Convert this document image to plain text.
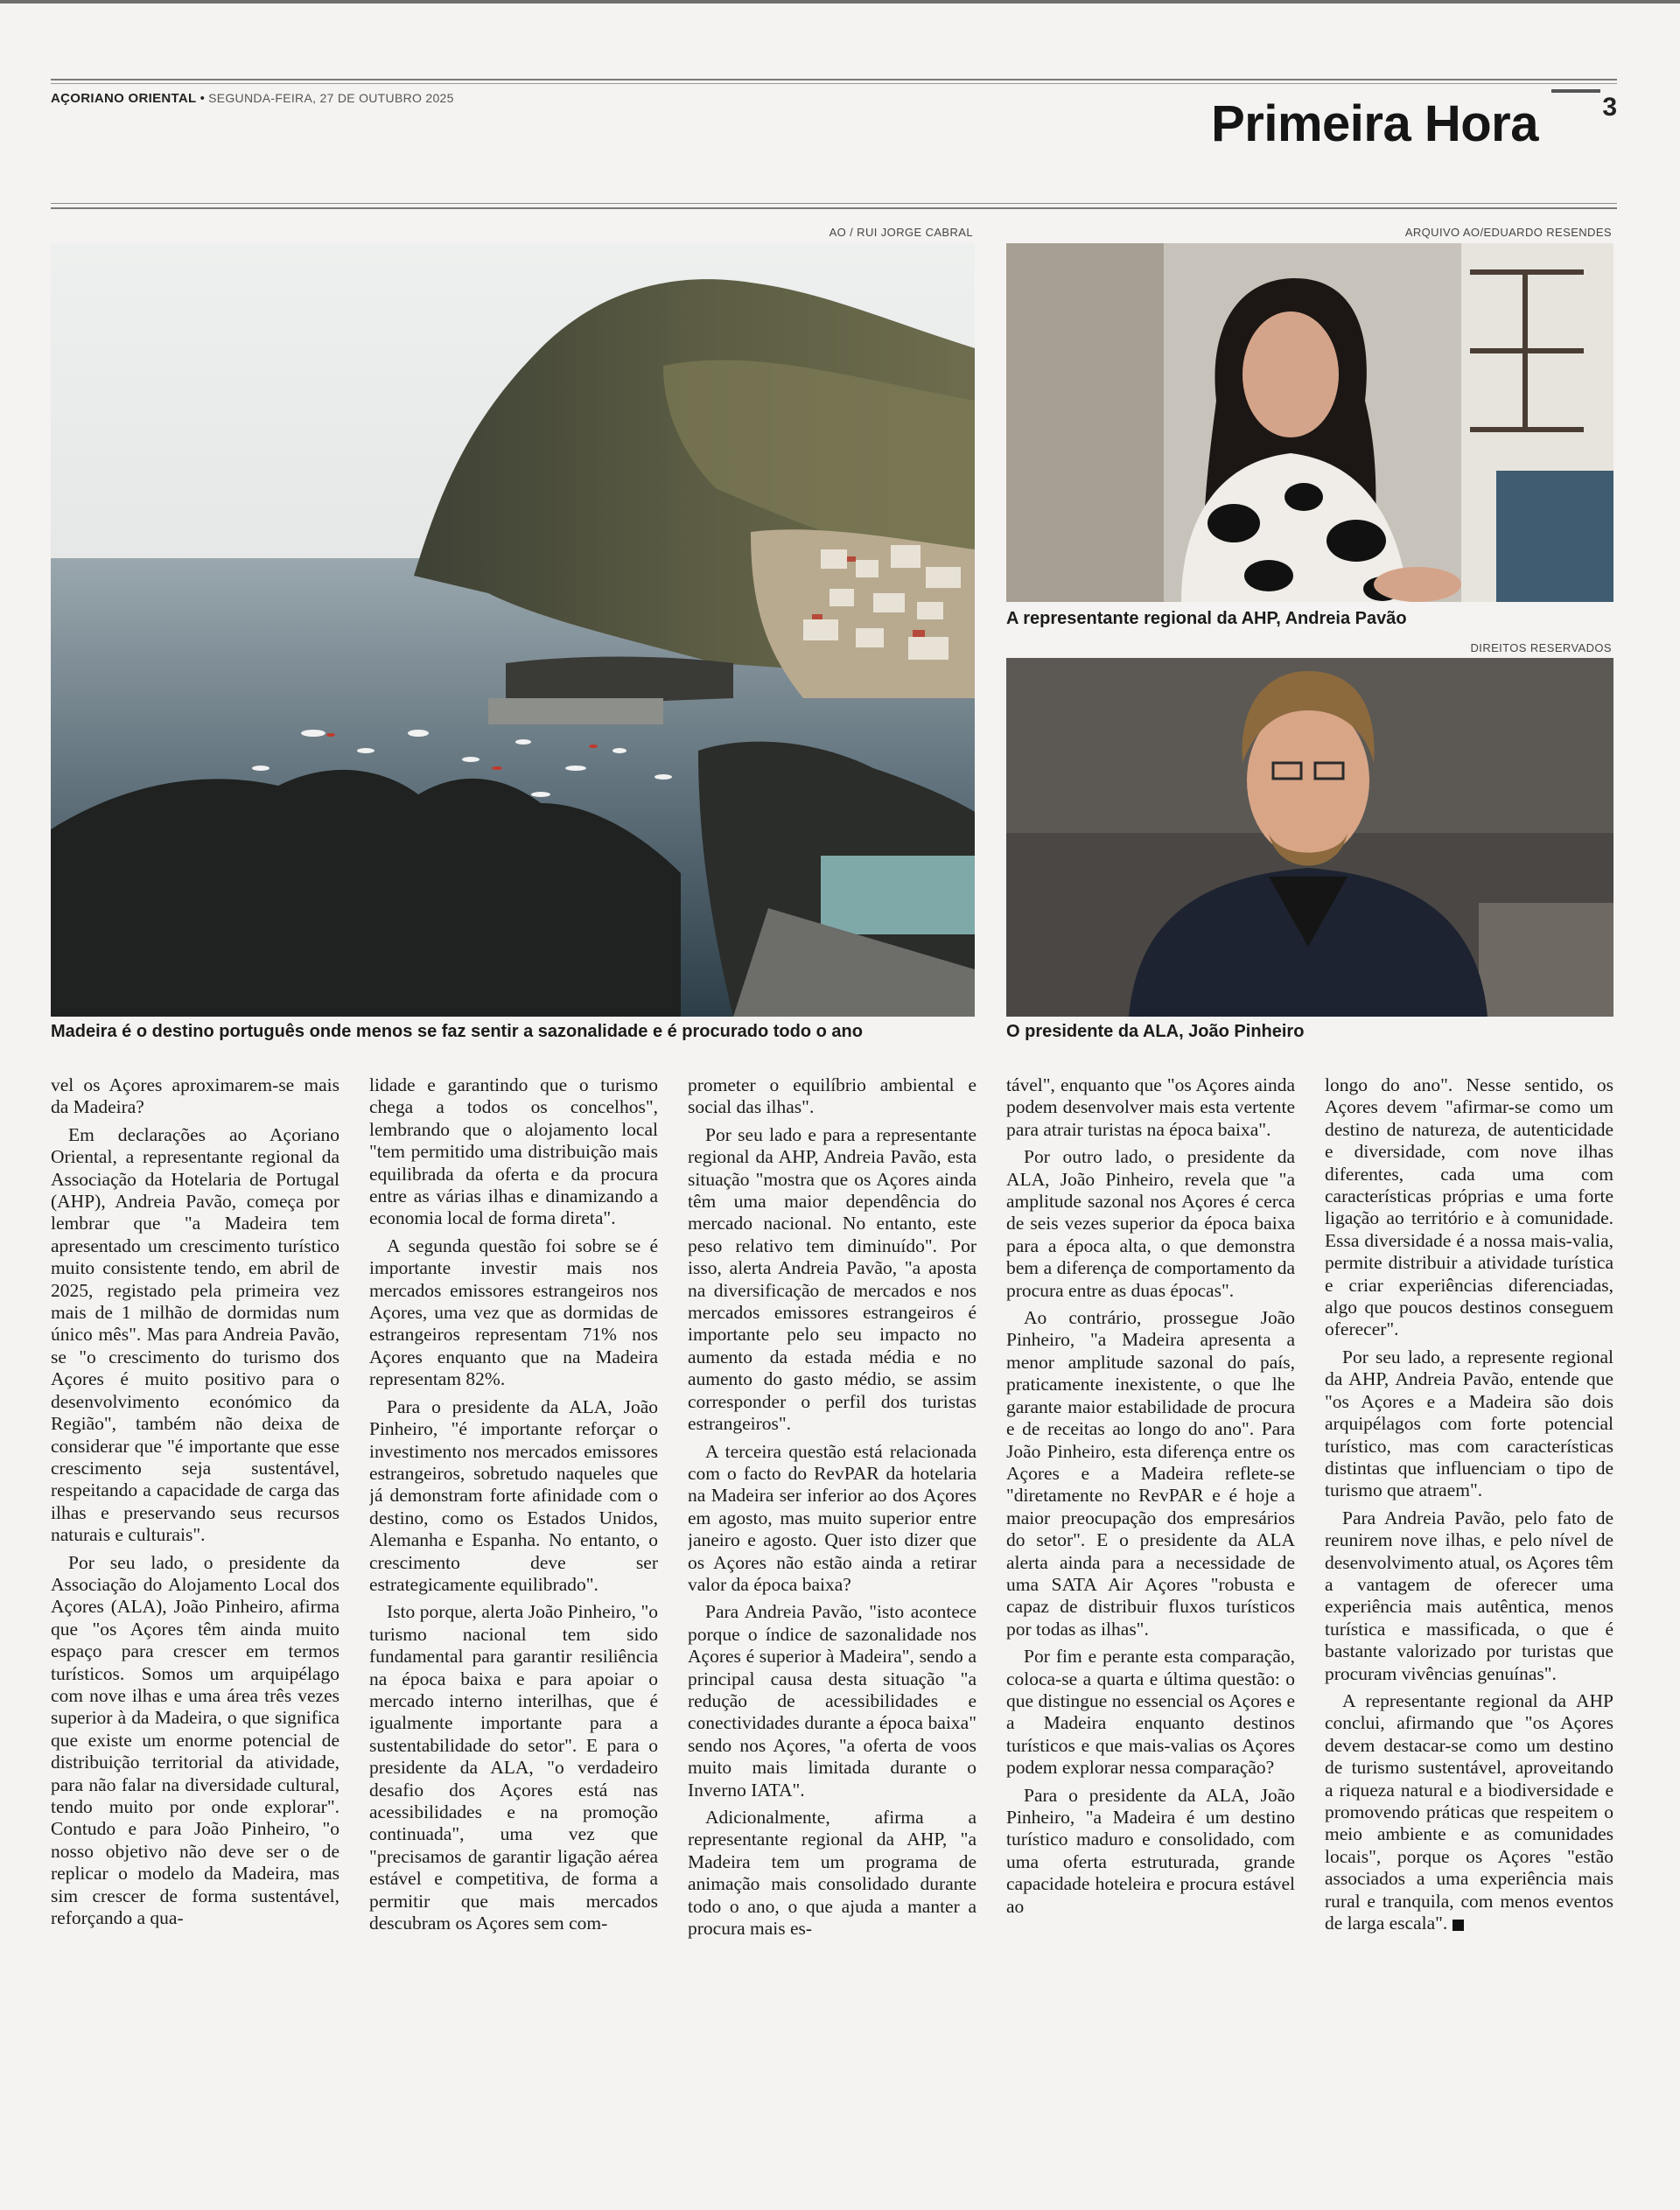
AÇORIANO ORIENTAL • SEGUNDA-FEIRA, 27 DE OUTUBRO 2025	Primeira Hora	3
AO / RUI JORGE CABRAL	ARQUIVO AO/EDUARDO RESENDES
A representante regional da AHP, Andreia Pavão
DIREITOS RESERVADOS
Madeira é o destino português onde menos se faz sentir a sazonalidade e é procurado todo o ano	O presidente da ALA, João Pinheiro

vel os Açores aproximarem-se mais da Madeira?

Em declarações ao Açoriano Oriental, a representante regional da Associação da Hotelaria de Portugal (AHP), Andreia Pavão, começa por lembrar que "a Madeira tem apresentado um crescimento turístico muito consistente tendo, em abril de 2025, registado pela primeira vez mais de 1 milhão de dormidas num único mês". Mas para Andreia Pavão, se "o crescimento do turismo dos Açores é muito positivo para o desenvolvimento económico da Região", também não deixa de considerar que "é importante que esse crescimento seja sustentável, respeitando a capacidade de carga das ilhas e preservando seus recursos naturais e culturais".

Por seu lado, o presidente da Associação do Alojamento Local dos Açores (ALA), João Pinheiro, afirma que "os Açores têm ainda muito espaço para crescer em termos turísticos. Somos um arquipélago com nove ilhas e uma área três vezes superior à da Madeira, o que significa que existe um enorme potencial de distribuição territorial da atividade, para não falar na diversidade cultural, tendo muito por onde explorar". Contudo e para João Pinheiro, "o nosso objetivo não deve ser o de replicar o modelo da Madeira, mas sim crescer de forma sustentável, reforçando a qua-

lidade e garantindo que o turismo chega a todos os concelhos", lembrando que o alojamento local "tem permitido uma distribuição mais equilibrada da oferta e da procura entre as várias ilhas e dinamizando a economia local de forma direta".

A segunda questão foi sobre se é importante investir mais nos mercados emissores estrangeiros nos Açores, uma vez que as dormidas de estrangeiros representam 71% nos Açores enquanto que na Madeira representam 82%.

Para o presidente da ALA, João Pinheiro, "é importante reforçar o investimento nos mercados emissores estrangeiros, sobretudo naqueles que já demonstram forte afinidade com o destino, como os Estados Unidos, Alemanha e Espanha. No entanto, o crescimento deve ser estrategicamente equilibrado".

Isto porque, alerta João Pinheiro, "o turismo nacional tem sido fundamental para garantir resiliência na época baixa e para apoiar o mercado interno interilhas, que é igualmente importante para a sustentabilidade do setor". E para o presidente da ALA, "o verdadeiro desafio dos Açores está nas acessibilidades e na promoção continuada", uma vez que "precisamos de garantir ligação aérea estável e competitiva, de forma a permitir que mais mercados descubram os Açores sem com-

prometer o equilíbrio ambiental e social das ilhas".

Por seu lado e para a representante regional da AHP, Andreia Pavão, esta situação "mostra que os Açores ainda têm uma maior dependência do mercado nacional. No entanto, este peso relativo tem diminuído". Por isso, alerta Andreia Pavão, "a aposta na diversificação de mercados e nos mercados emissores estrangeiros é importante pelo seu impacto no aumento da estada média e no aumento do gasto médio, se assim corresponder o perfil dos turistas estrangeiros".

A terceira questão está relacionada com o facto do RevPAR da hotelaria na Madeira ser inferior ao dos Açores em agosto, mas muito superior entre janeiro e agosto. Quer isto dizer que os Açores não estão ainda a retirar valor da época baixa?

Para Andreia Pavão, "isto acontece porque o índice de sazonalidade nos Açores é superior à Madeira", sendo a principal causa desta situação "a redução de acessibilidades e conectividades durante a época baixa" sendo nos Açores, "a oferta de voos muito mais limitada durante o Inverno IATA".

Adicionalmente, afirma a representante regional da AHP, "a Madeira tem um programa de animação mais consolidado durante todo o ano, o que ajuda a manter a procura mais es-

tável", enquanto que "os Açores ainda podem desenvolver mais esta vertente para atrair turistas na época baixa".

Por outro lado, o presidente da ALA, João Pinheiro, revela que "a amplitude sazonal nos Açores é cerca de seis vezes superior da época baixa para a época alta, o que demonstra bem a diferença de comportamento da procura entre as duas épocas".

Ao contrário, prossegue João Pinheiro, "a Madeira apresenta a menor amplitude sazonal do país, praticamente inexistente, o que lhe garante maior estabilidade de procura e de receitas ao longo do ano". Para João Pinheiro, esta diferença entre os Açores e a Madeira reflete-se "diretamente no RevPAR e é hoje a maior preocupação dos empresários do setor". E o presidente da ALA alerta ainda para a necessidade de uma SATA Air Açores "robusta e capaz de distribuir fluxos turísticos por todas as ilhas".

Por fim e perante esta comparação, coloca-se a quarta e última questão: o que distingue no essencial os Açores e a Madeira enquanto destinos turísticos e que mais-valias os Açores podem explorar nessa comparação?

Para o presidente da ALA, João Pinheiro, "a Madeira é um destino turístico maduro e consolidado, com uma oferta estruturada, grande capacidade hoteleira e procura estável ao

longo do ano". Nesse sentido, os Açores devem "afirmar-se como um destino de natureza, de autenticidade e diversidade, com nove ilhas diferentes, cada uma com características próprias e uma forte ligação ao território e à comunidade. Essa diversidade é a nossa mais-valia, permite distribuir a atividade turística e criar experiências diferenciadas, algo que poucos destinos conseguem oferecer".

Por seu lado, a represente regional da AHP, Andreia Pavão, entende que "os Açores e a Madeira são dois arquipélagos com forte potencial turístico, mas com características distintas que influenciam o tipo de turismo que atraem".

Para Andreia Pavão, pelo fato de reunirem nove ilhas, e pelo nível de desenvolvimento atual, os Açores têm a vantagem de oferecer uma experiência mais autêntica, menos turística e massificada, o que é bastante valorizado por turistas que procuram vivências genuínas".

A representante regional da AHP conclui, afirmando que "os Açores devem destacar-se como um destino de turismo sustentável, aproveitando a riqueza natural e a biodiversidade e promovendo práticas que respeitem o meio ambiente e as comunidades locais", porque os Açores "estão associados a uma experiência mais rural e tranquila, com menos eventos de larga escala".
